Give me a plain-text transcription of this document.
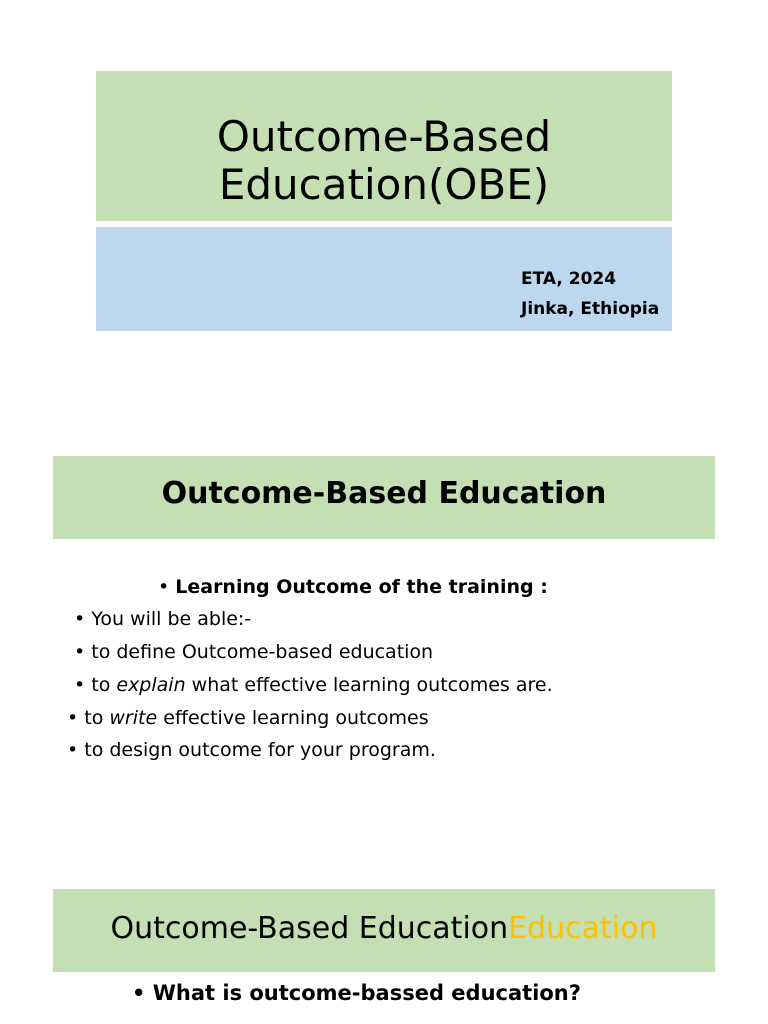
Outcome-Based
Education(OBE)
ETA, 2024
Jinka, Ethiopia
Outcome-Based Education
• Learning Outcome of the training :
• You will be able:-
• to define Outcome-based education
• to explain what effective learning outcomes are.
• to write effective learning outcomes
• to design outcome for your program.
Outcome-Based EducationEducation
• What is outcome-bassed education?
